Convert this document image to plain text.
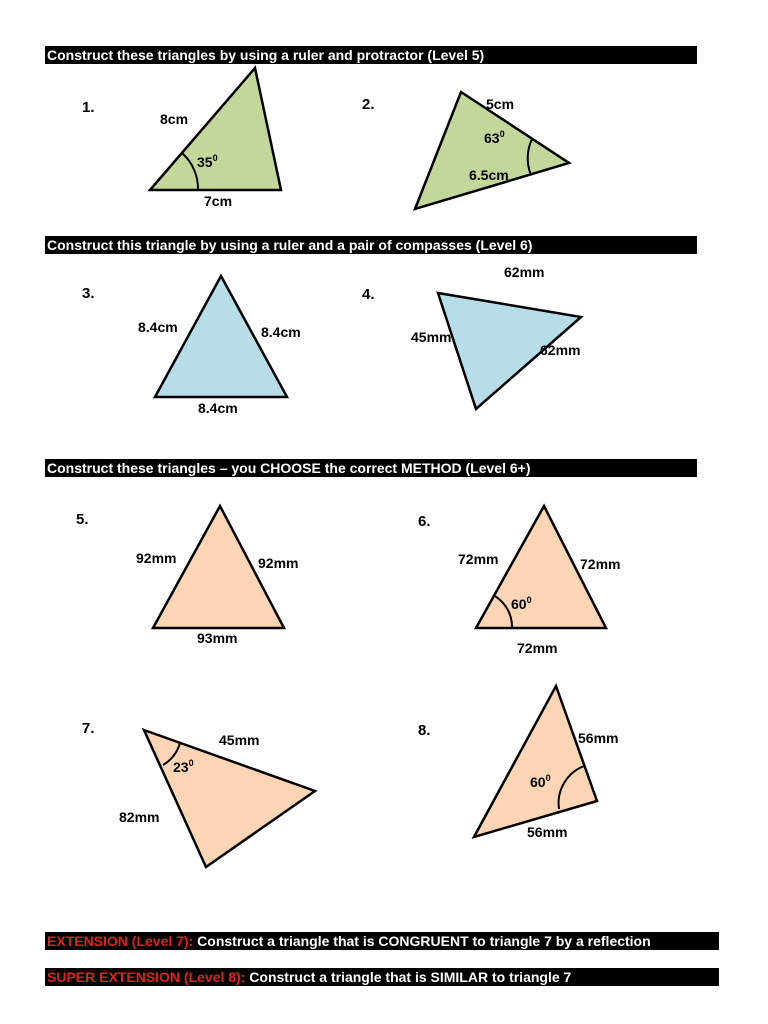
Construct these triangles by using a ruler and protractor (Level 5)
Construct this triangle by using a ruler and a pair of compasses (Level 6)
Construct these triangles – you CHOOSE the correct METHOD (Level 6+)
EXTENSION (Level 7): Construct a triangle that is CONGRUENT to triangle 7 by a reflection
SUPER EXTENSION (Level 8): Construct a triangle that is SIMILAR to triangle 7
1.
8cm
7cm
$35^0$
2.	5cm
6.5cm
$63^0$
3.
8.4cm	8.4cm
8.4cm
4.
62mm
45mm
62mm
5.
92mm	92mm
93mm
6.
72mm	72mm
72mm
$60^0$
7.
45mm
82mm
$23^0$
8.	56mm
56mm
$60^0$
